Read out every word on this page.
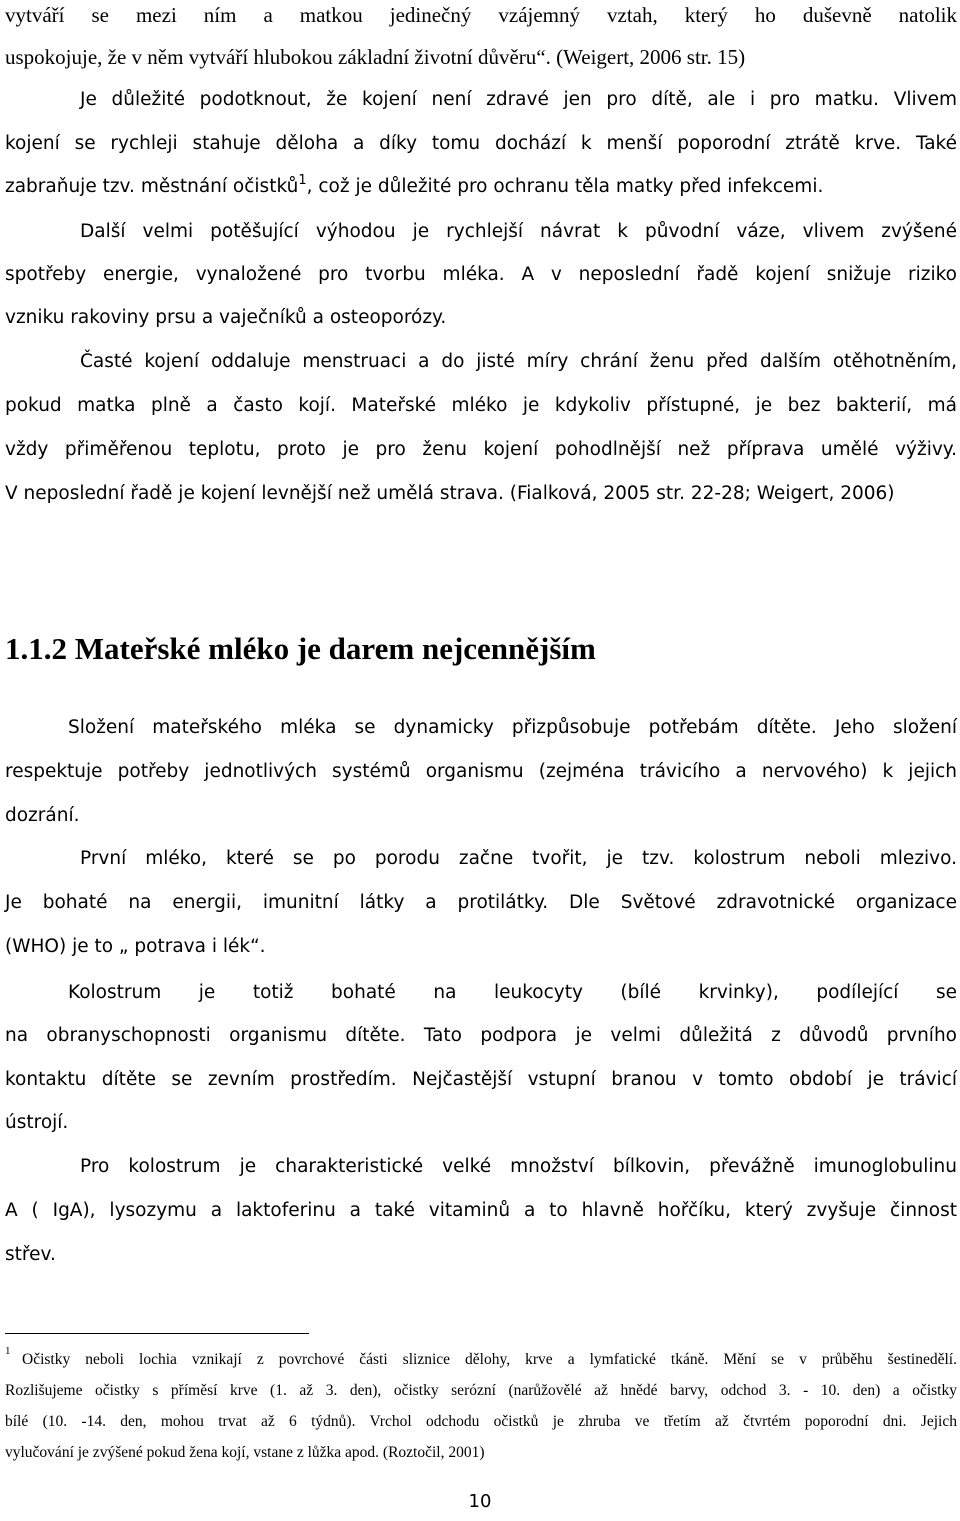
vytváří se mezi ním a matkou jedinečný vzájemný vztah, který ho duševně natolik
uspokojuje, že v něm vytváří hlubokou základní životní důvěru“. (Weigert, 2006 str. 15)
Je důležité podotknout, že kojení není zdravé jen pro dítě, ale i pro matku. Vlivem
kojení se rychleji stahuje děloha a díky tomu dochází k menší poporodní ztrátě krve. Také
zabraňuje tzv. městnání očistků$^1$, což je důležité pro ochranu těla matky před infekcemi.
Další velmi potěšující výhodou je rychlejší návrat k původní váze, vlivem zvýšené
spotřeby energie, vynaložené pro tvorbu mléka. A v neposlední řadě kojení snižuje riziko
vzniku rakoviny prsu a vaječníků a osteoporózy.
Časté kojení oddaluje menstruaci a do jisté míry chrání ženu před dalším otěhotněním,
pokud matka plně a často kojí. Mateřské mléko je kdykoliv přístupné, je bez bakterií, má
vždy přiměřenou teplotu, proto je pro ženu kojení pohodlnější než příprava umělé výživy.
V neposlední řadě je kojení levnější než umělá strava. (Fialková, 2005 str. 22-28; Weigert, 2006)
1.1.2 Mateřské mléko je darem nejcennějším
Složení mateřského mléka se dynamicky přizpůsobuje potřebám dítěte. Jeho složení
respektuje potřeby jednotlivých systémů organismu (zejména trávicího a nervového) k jejich
dozrání.
První mléko, které se po porodu začne tvořit, je tzv. kolostrum neboli mlezivo.
Je bohaté na energii, imunitní látky a protilátky. Dle Světové zdravotnické organizace
(WHO) je to „ potrava i lék“.
Kolostrum je totiž bohaté na leukocyty (bílé krvinky), podílející se
na obranyschopnosti organismu dítěte. Tato podpora je velmi důležitá z důvodů prvního
kontaktu dítěte se zevním prostředím. Nejčastější vstupní branou v tomto období je trávicí
ústrojí.
Pro kolostrum je charakteristické velké množství bílkovin, převážně imunoglobulinu
A ( IgA), lysozymu a laktoferinu a také vitaminů a to hlavně hořčíku, který zvyšuje činnost
střev.
1 Očistky neboli lochia vznikají z povrchové části sliznice dělohy, krve a lymfatické tkáně. Mění se v průběhu šestinedělí.
Rozlišujeme očistky s příměsí krve (1. až 3. den), očistky serózní (narůžovělé až hnědé barvy, odchod 3. - 10. den) a očistky
bílé (10. -14. den, mohou trvat až 6 týdnů). Vrchol odchodu očistků je zhruba ve třetím až čtvrtém poporodní dni. Jejich
vylučování je zvýšené pokud žena kojí, vstane z lůžka apod. (Roztočil, 2001)
10
